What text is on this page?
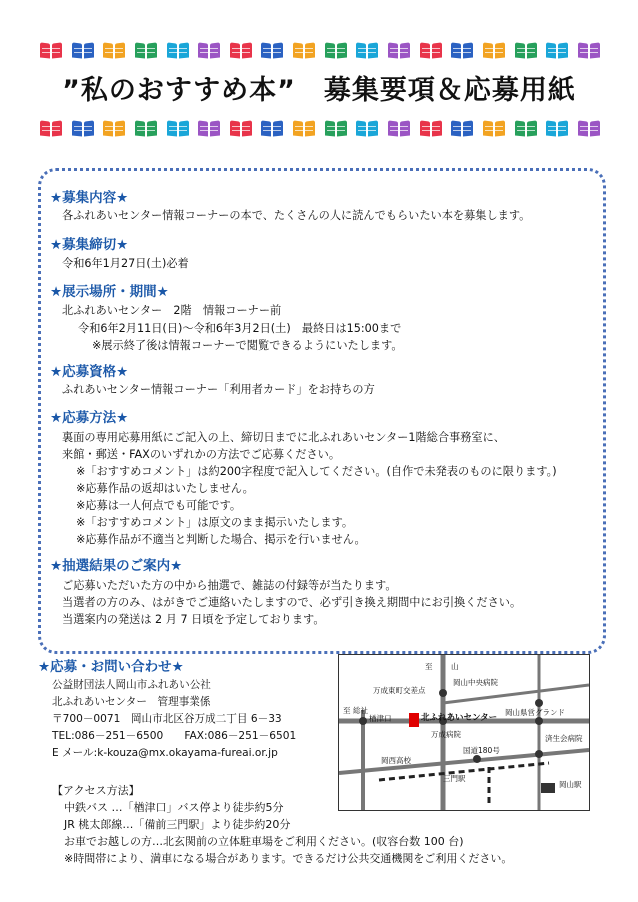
”私のおすすめ本”　募集要項＆応募用紙
★募集内容★
各ふれあいセンター情報コーナーの本で、たくさんの人に読んでもらいたい本を募集します。
★募集締切★
令和6年1月27日(土)必着
★展示場所・期間★
北ふれあいセンター　2階　情報コーナー前
令和6年2月11日(日)～令和6年3月2日(土)　最終日は15:00まで
※展示終了後は情報コーナーで閲覧できるようにいたします。
★応募資格★
ふれあいセンター情報コーナー「利用者カード」をお持ちの方
★応募方法★
裏面の専用応募用紙にご記入の上、締切日までに北ふれあいセンター1階総合事務室に、
来館・郵送・FAXのいずれかの方法でご応募ください。
※「おすすめコメント」は約200字程度で記入してください。(自作で未発表のものに限ります。)
※応募作品の返却はいたしません。
※応募は一人何点でも可能です。
※「おすすめコメント」は原文のまま掲示いたします。
※応募作品が不適当と判断した場合、掲示を行いません。
★抽選結果のご案内★
ご応募いただいた方の中から抽選で、雑誌の付録等が当たります。
当選者の方のみ、はがきでご連絡いたしますので、必ず引き換え期間中にお引換ください。
当選案内の発送は 2 月 7 日頃を予定しております。
★応募・お問い合わせ★
公益財団法人岡山市ふれあい公社
北ふれあいセンター　管理事業係
〒700－0071　岡山市北区谷万成二丁目 6－33
TEL:086－251－6500　　FAX:086－251－6501
E メール:k-kouza@mx.okayama-fureai.or.jp
至 山
岡山中央病院
万成東町交差点
至 総社
楢津口	北ふれあいセンター
岡山県営グランド
万成病院	済生会病院
岡西高校
国道180号
三門駅
岡山駅
【アクセス方法】
中鉄バス …「楢津口」バス停より徒歩約5分
JR 桃太郎線…「備前三門駅」より徒歩約20分
お車でお越しの方…北玄関前の立体駐車場をご利用ください。(収容台数 100 台)
※時間帯により、満車になる場合があります。できるだけ公共交通機関をご利用ください。
